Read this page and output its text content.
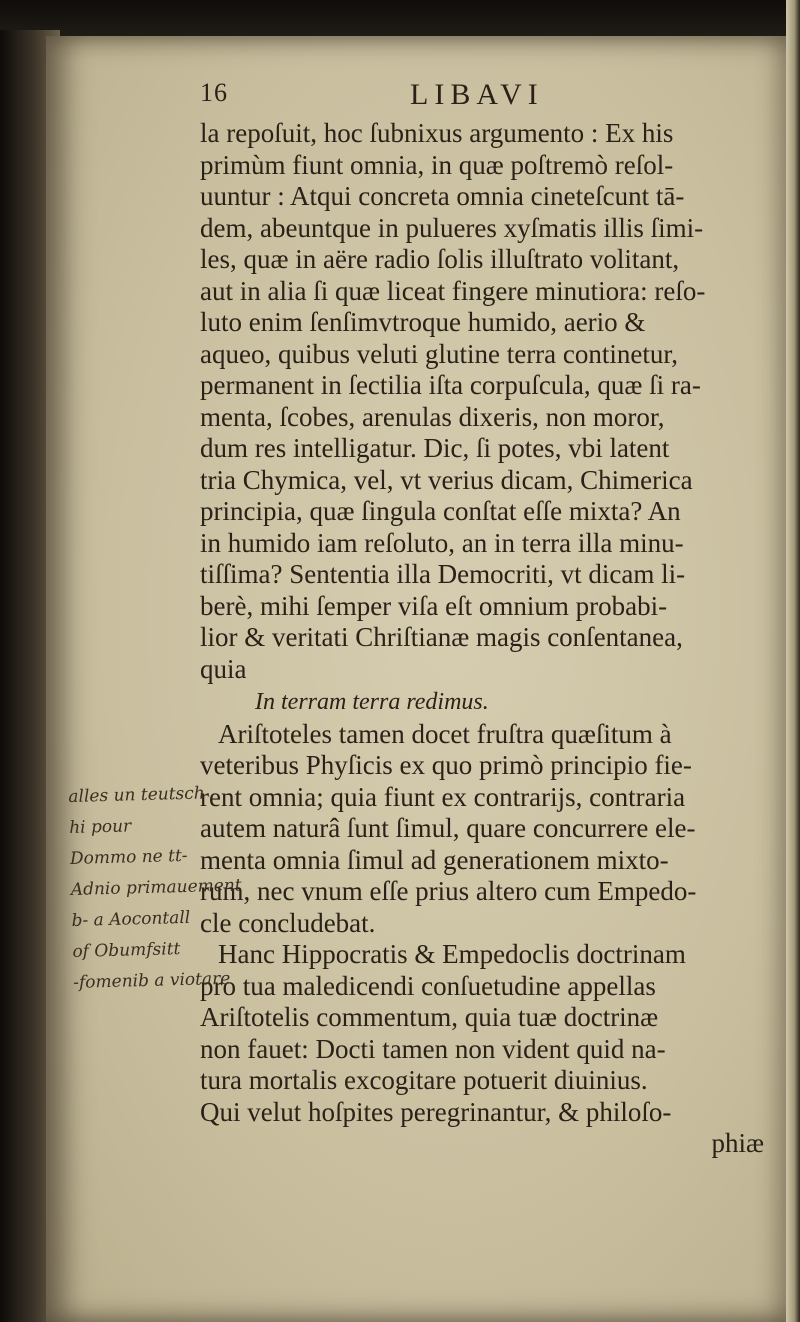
16	LIBAVI

la repoſuit, hoc ſubnixus argumento : Ex his

primùm fiunt omnia, in quæ poſtremò reſol-

uuntur : Atqui concreta omnia cineteſcunt tā-

dem, abeuntque in pulueres xyſmatis illis ſimi-

les, quæ in aëre radio ſolis illuſtrato volitant,

aut in alia ſi quæ liceat fingere minutiora: reſo-

luto enim ſenſimvtroque humido, aerio &

aqueo, quibus veluti glutine terra continetur,

permanent in ſectilia iſta corpuſcula, quæ ſi ra-

menta, ſcobes, arenulas dixeris, non moror,

dum res intelligatur. Dic, ſi potes, vbi latent

tria Chymica, vel, vt verius dicam, Chimerica

principia, quæ ſingula conſtat eſſe mixta? An

in humido iam reſoluto, an in terra illa minu-

tiſſima? Sententia illa Democriti, vt dicam li-

berè, mihi ſemper viſa eſt omnium probabi-

lior & veritati Chriſtianæ magis conſentanea,

quia

In terram terra redimus.

Ariſtoteles tamen docet fruſtra quæſitum à

veteribus Phyſicis ex quo primò principio fie-

rent omnia; quia fiunt ex contrarijs, contraria

autem naturâ ſunt ſimul, quare concurrere ele-

menta omnia ſimul ad generationem mixto-

rum, nec vnum eſſe prius altero cum Empedo-

cle concludebat.

Hanc Hippocratis & Empedoclis doctrinam

pro tua maledicendi conſuetudine appellas

Ariſtotelis commentum, quia tuæ doctrinæ

non fauet: Docti tamen non vident quid na-

tura mortalis excogitare potuerit diuinius.

Qui velut hoſpites peregrinantur, & philoſo-

phiæ

alles un teutsch

hi pour

Dommo ne tt-

Adnio primauement

b- a Aocontall

of Obumfsitt

-fomenib a viotare
